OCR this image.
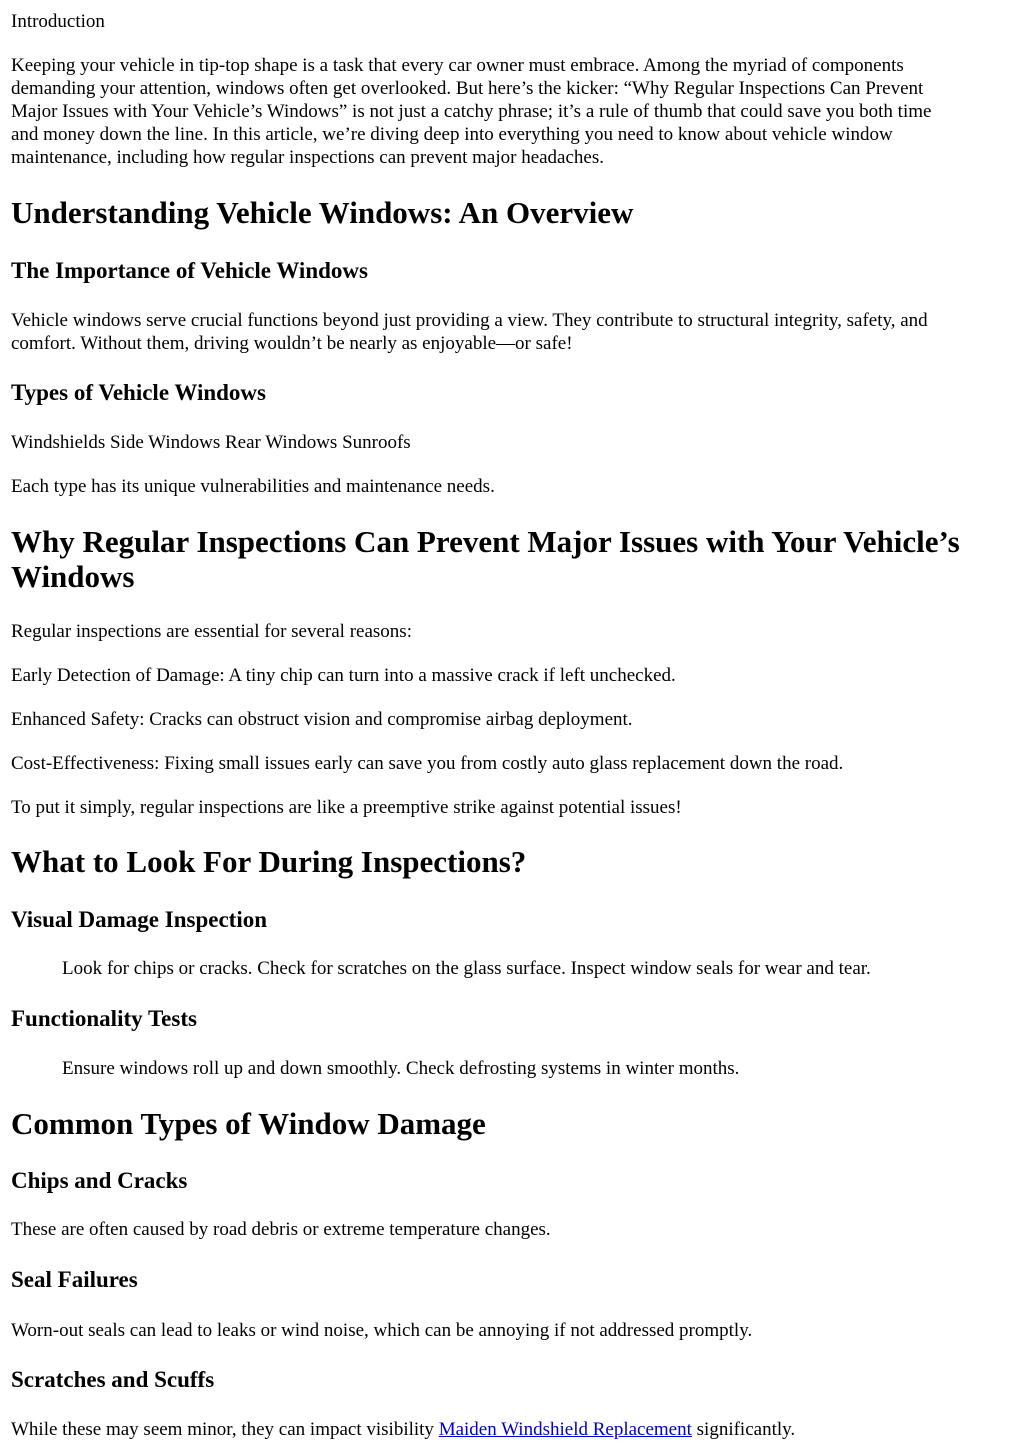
Introduction

Keeping your vehicle in tip-top shape is a task that every car owner must embrace. Among the myriad of components

demanding your attention, windows often get overlooked. But here’s the kicker: “Why Regular Inspections Can Prevent

Major Issues with Your Vehicle’s Windows” is not just a catchy phrase; it’s a rule of thumb that could save you both time

and money down the line. In this article, we’re diving deep into everything you need to know about vehicle window

maintenance, including how regular inspections can prevent major headaches.

Understanding Vehicle Windows: An Overview
The Importance of Vehicle Windows

Vehicle windows serve crucial functions beyond just providing a view. They contribute to structural integrity, safety, and

comfort. Without them, driving wouldn’t be nearly as enjoyable—or safe!

Types of Vehicle Windows

Windshields Side Windows Rear Windows Sunroofs

Each type has its unique vulnerabilities and maintenance needs.

Why Regular Inspections Can Prevent Major Issues with Your Vehicle’s
Windows

Regular inspections are essential for several reasons:

Early Detection of Damage: A tiny chip can turn into a massive crack if left unchecked.

Enhanced Safety: Cracks can obstruct vision and compromise airbag deployment.

Cost-Effectiveness: Fixing small issues early can save you from costly auto glass replacement down the road.

To put it simply, regular inspections are like a preemptive strike against potential issues!

What to Look For During Inspections?
Visual Damage Inspection

Look for chips or cracks. Check for scratches on the glass surface. Inspect window seals for wear and tear.

Functionality Tests

Ensure windows roll up and down smoothly. Check defrosting systems in winter months.

Common Types of Window Damage
Chips and Cracks

These are often caused by road debris or extreme temperature changes.

Seal Failures

Worn-out seals can lead to leaks or wind noise, which can be annoying if not addressed promptly.

Scratches and Scuffs

While these may seem minor, they can impact visibility Maiden Windshield Replacement significantly.
